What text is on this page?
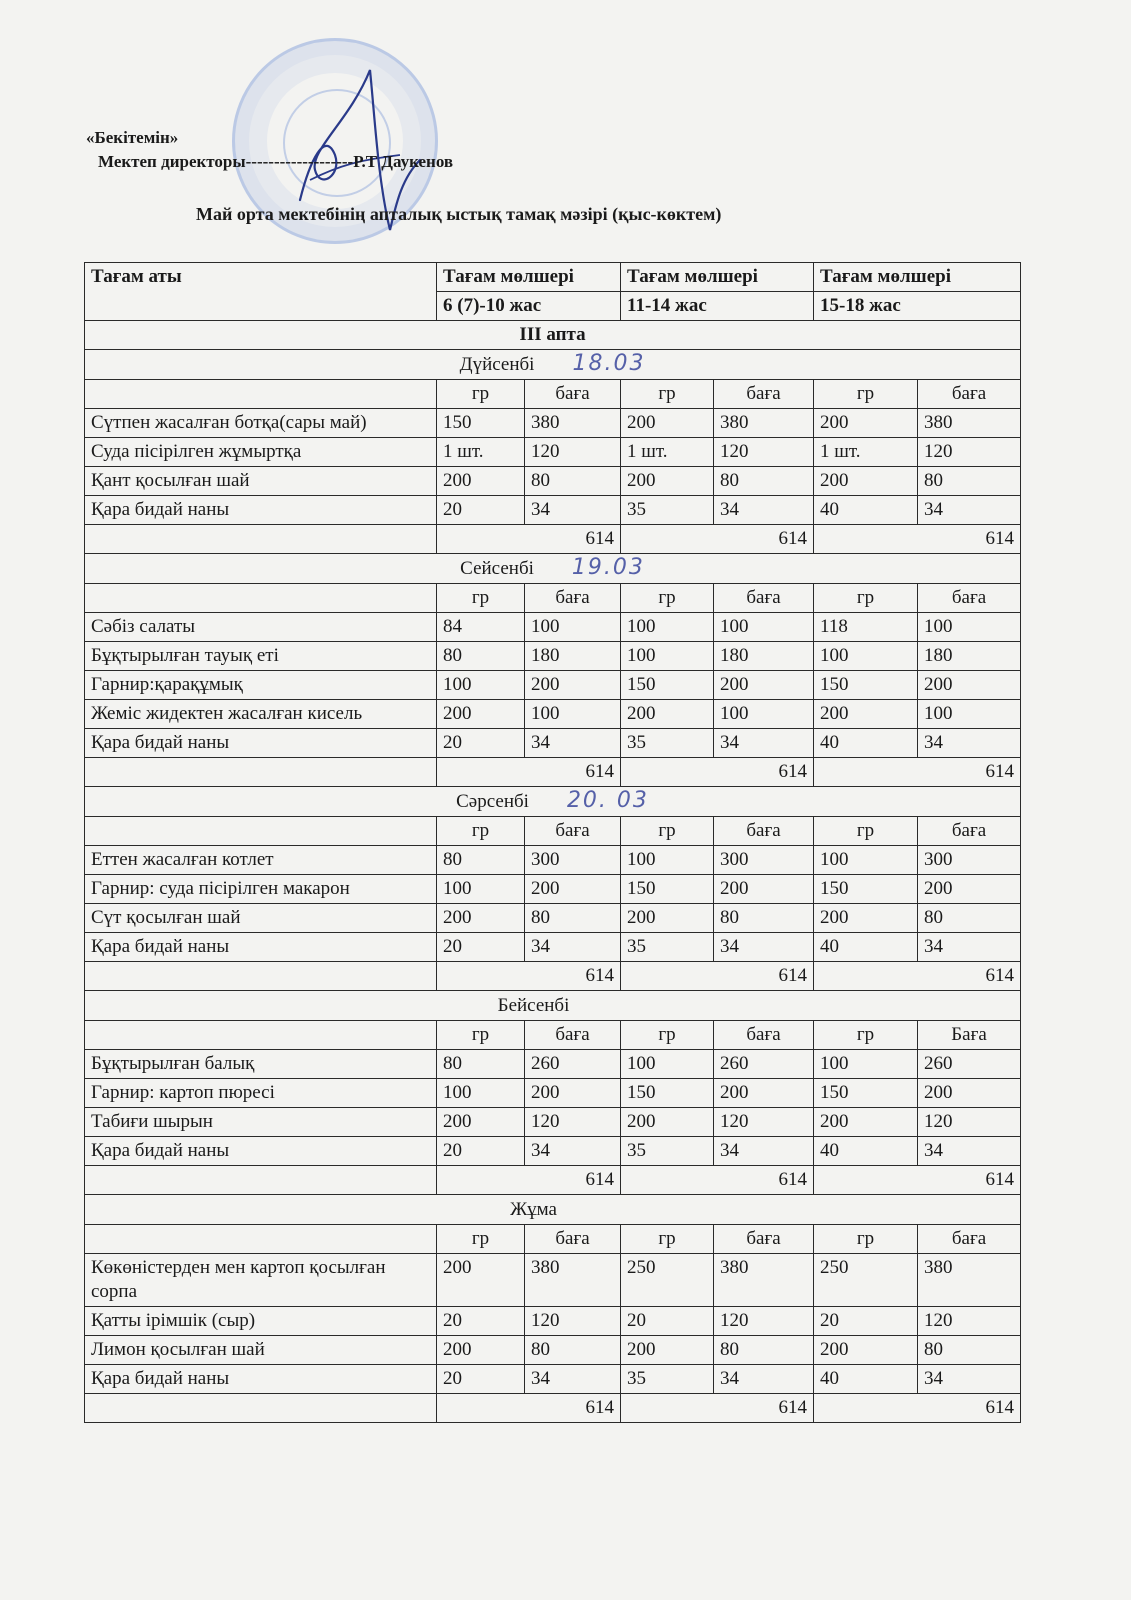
«Бекітемін»
Мектеп директоры-------------------Р.Т Даукенов
Май орта мектебінің апталық ыстық тамақ мәзірі (қыс-көктем)
Тағам аты	Тағам мөлшері		Тағам мөлшері		Тағам мөлшері	
	6 (7)-10 жас		11-14 жас		15-18 жас	
III апта						
Дүйсенбі 18.03						
	гр	баға	гр	баға	гр	баға
Сүтпен жасалған ботқа(сары май)	150	380	200	380	200	380
Суда пісірілген жұмыртқа	1 шт.	120	1 шт.	120	1 шт.	120
Қант қосылған шай	200	80	200	80	200	80
Қара бидай наны	20	34	35	34	40	34
	614		614		614	
Сейсенбі 19.03						
	гр	баға	гр	баға	гр	баға
Сәбіз салаты	84	100	100	100	118	100
Бұқтырылған тауық еті	80	180	100	180	100	180
Гарнир:қарақұмық	100	200	150	200	150	200
Жеміс жидектен жасалған кисель	200	100	200	100	200	100
Қара бидай наны	20	34	35	34	40	34
	614		614		614	
Сәрсенбі 20. 03						
	гр	баға	гр	баға	гр	баға
Еттен жасалған котлет	80	300	100	300	100	300
Гарнир: суда пісірілген макарон	100	200	150	200	150	200
Сүт қосылған шай	200	80	200	80	200	80
Қара бидай наны	20	34	35	34	40	34
	614		614		614	
Бейсенбі						
	гр	баға	гр	баға	гр	Баға
Бұқтырылған балық	80	260	100	260	100	260
Гарнир: картоп пюресі	100	200	150	200	150	200
Табиғи шырын	200	120	200	120	200	120
Қара бидай наны	20	34	35	34	40	34
	614		614		614	
Жұма						
	гр	баға	гр	баға	гр	баға
Көкөністерден мен картоп қосылған сорпа	200	380	250	380	250	380
Қатты ірімшік (сыр)	20	120	20	120	20	120
Лимон қосылған шай	200	80	200	80	200	80
Қара бидай наны	20	34	35	34	40	34
	614		614		614	
